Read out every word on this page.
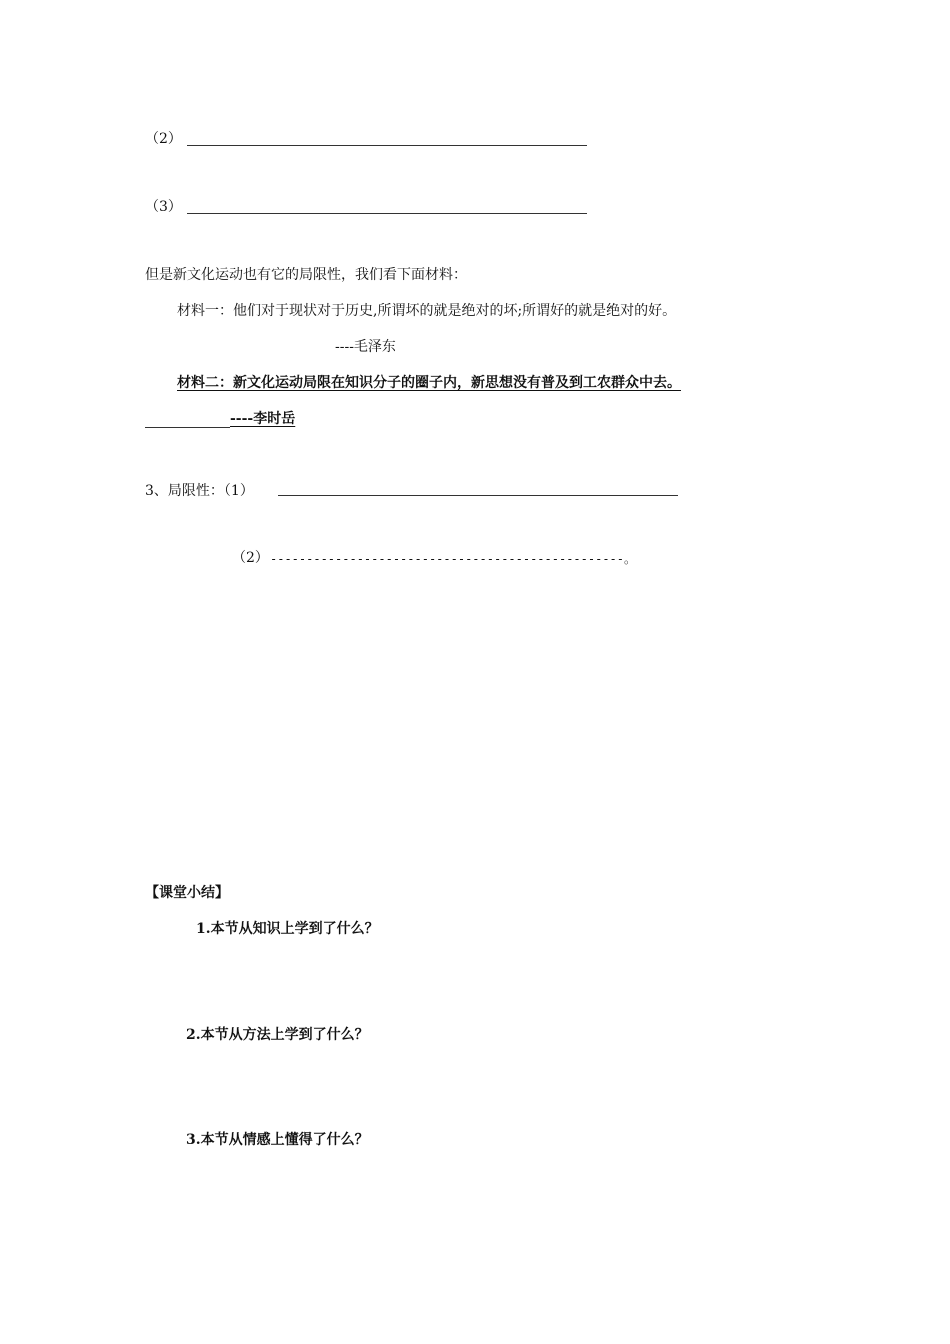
（2）
（3）
但是新文化运动也有它的局限性，我们看下面材料：
材料一：他们对于现状对于历史,所谓坏的就是绝对的坏;所谓好的就是绝对的好。
----毛泽东
材料二：新文化运动局限在知识分子的圈子内，新思想没有普及到工农群众中去。
----李时岳
3、局限性：（1）
（2） -------------------------------------------------。
【课堂小结】
1.本节从知识上学到了什么？
2.本节从方法上学到了什么？
3.本节从情感上懂得了什么？
